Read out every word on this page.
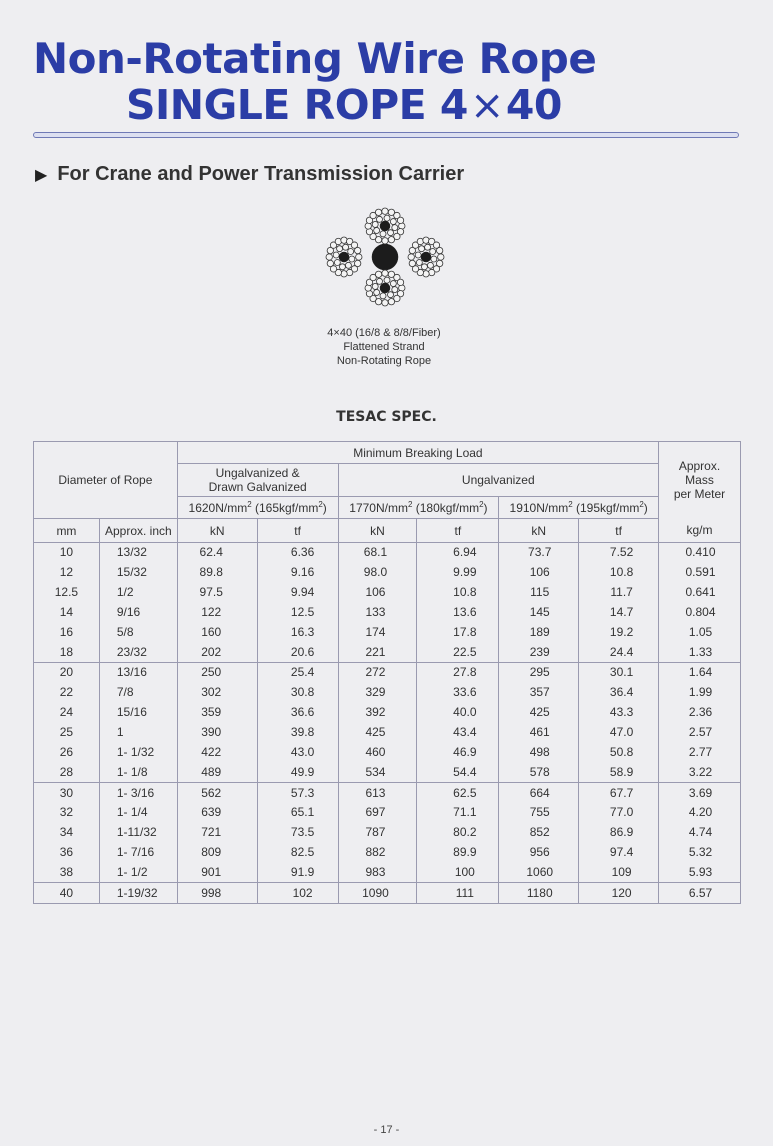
Non-Rotating Wire Rope
SINGLE ROPE 4×40
▶ For Crane and Power Transmission Carrier
4×40 (16/8 & 8/8/Fiber)
Flattened Strand
Non-Rotating Rope
TESAC SPEC.
Diameter of Rope		Minimum Breaking Load						Approx.
Mass
per Meter

		Ungalvanized &
Drawn Galvanized		Ungalvanized				
		$1620N/mm^2$ $(165kgf/mm^2)$		$1770N/mm^2$ $(180kgf/mm^2)$		$1910N/mm^2$ $(195kgf/mm^2)$		
mm	Approx. inch	kN	tf	kN	tf	kN	tf	kg/m
10	13/32	62.4	6.36	68.1	6.94	73.7	7.52	0.410
12	15/32	89.8	9.16	98.0	9.99	106	10.8	0.591
12.5	1/2	97.5	9.94	106	10.8	115	11.7	0.641
14	9/16	122	12.5	133	13.6	145	14.7	0.804
16	5/8	160	16.3	174	17.8	189	19.2	1.05
18	23/32	202	20.6	221	22.5	239	24.4	1.33
20	13/16	250	25.4	272	27.8	295	30.1	1.64
22	7/8	302	30.8	329	33.6	357	36.4	1.99
24	15/16	359	36.6	392	40.0	425	43.3	2.36
25	1	390	39.8	425	43.4	461	47.0	2.57
26	1- 1/32	422	43.0	460	46.9	498	50.8	2.77
28	1- 1/8	489	49.9	534	54.4	578	58.9	3.22
30	1- 3/16	562	57.3	613	62.5	664	67.7	3.69
32	1- 1/4	639	65.1	697	71.1	755	77.0	4.20
34	1-11/32	721	73.5	787	80.2	852	86.9	4.74
36	1- 7/16	809	82.5	882	89.9	956	97.4	5.32
38	1- 1/2	901	91.9	983	100	1060	109	5.93
40	1-19/32	998	102	1090	111	1180	120	6.57
- 17 -
